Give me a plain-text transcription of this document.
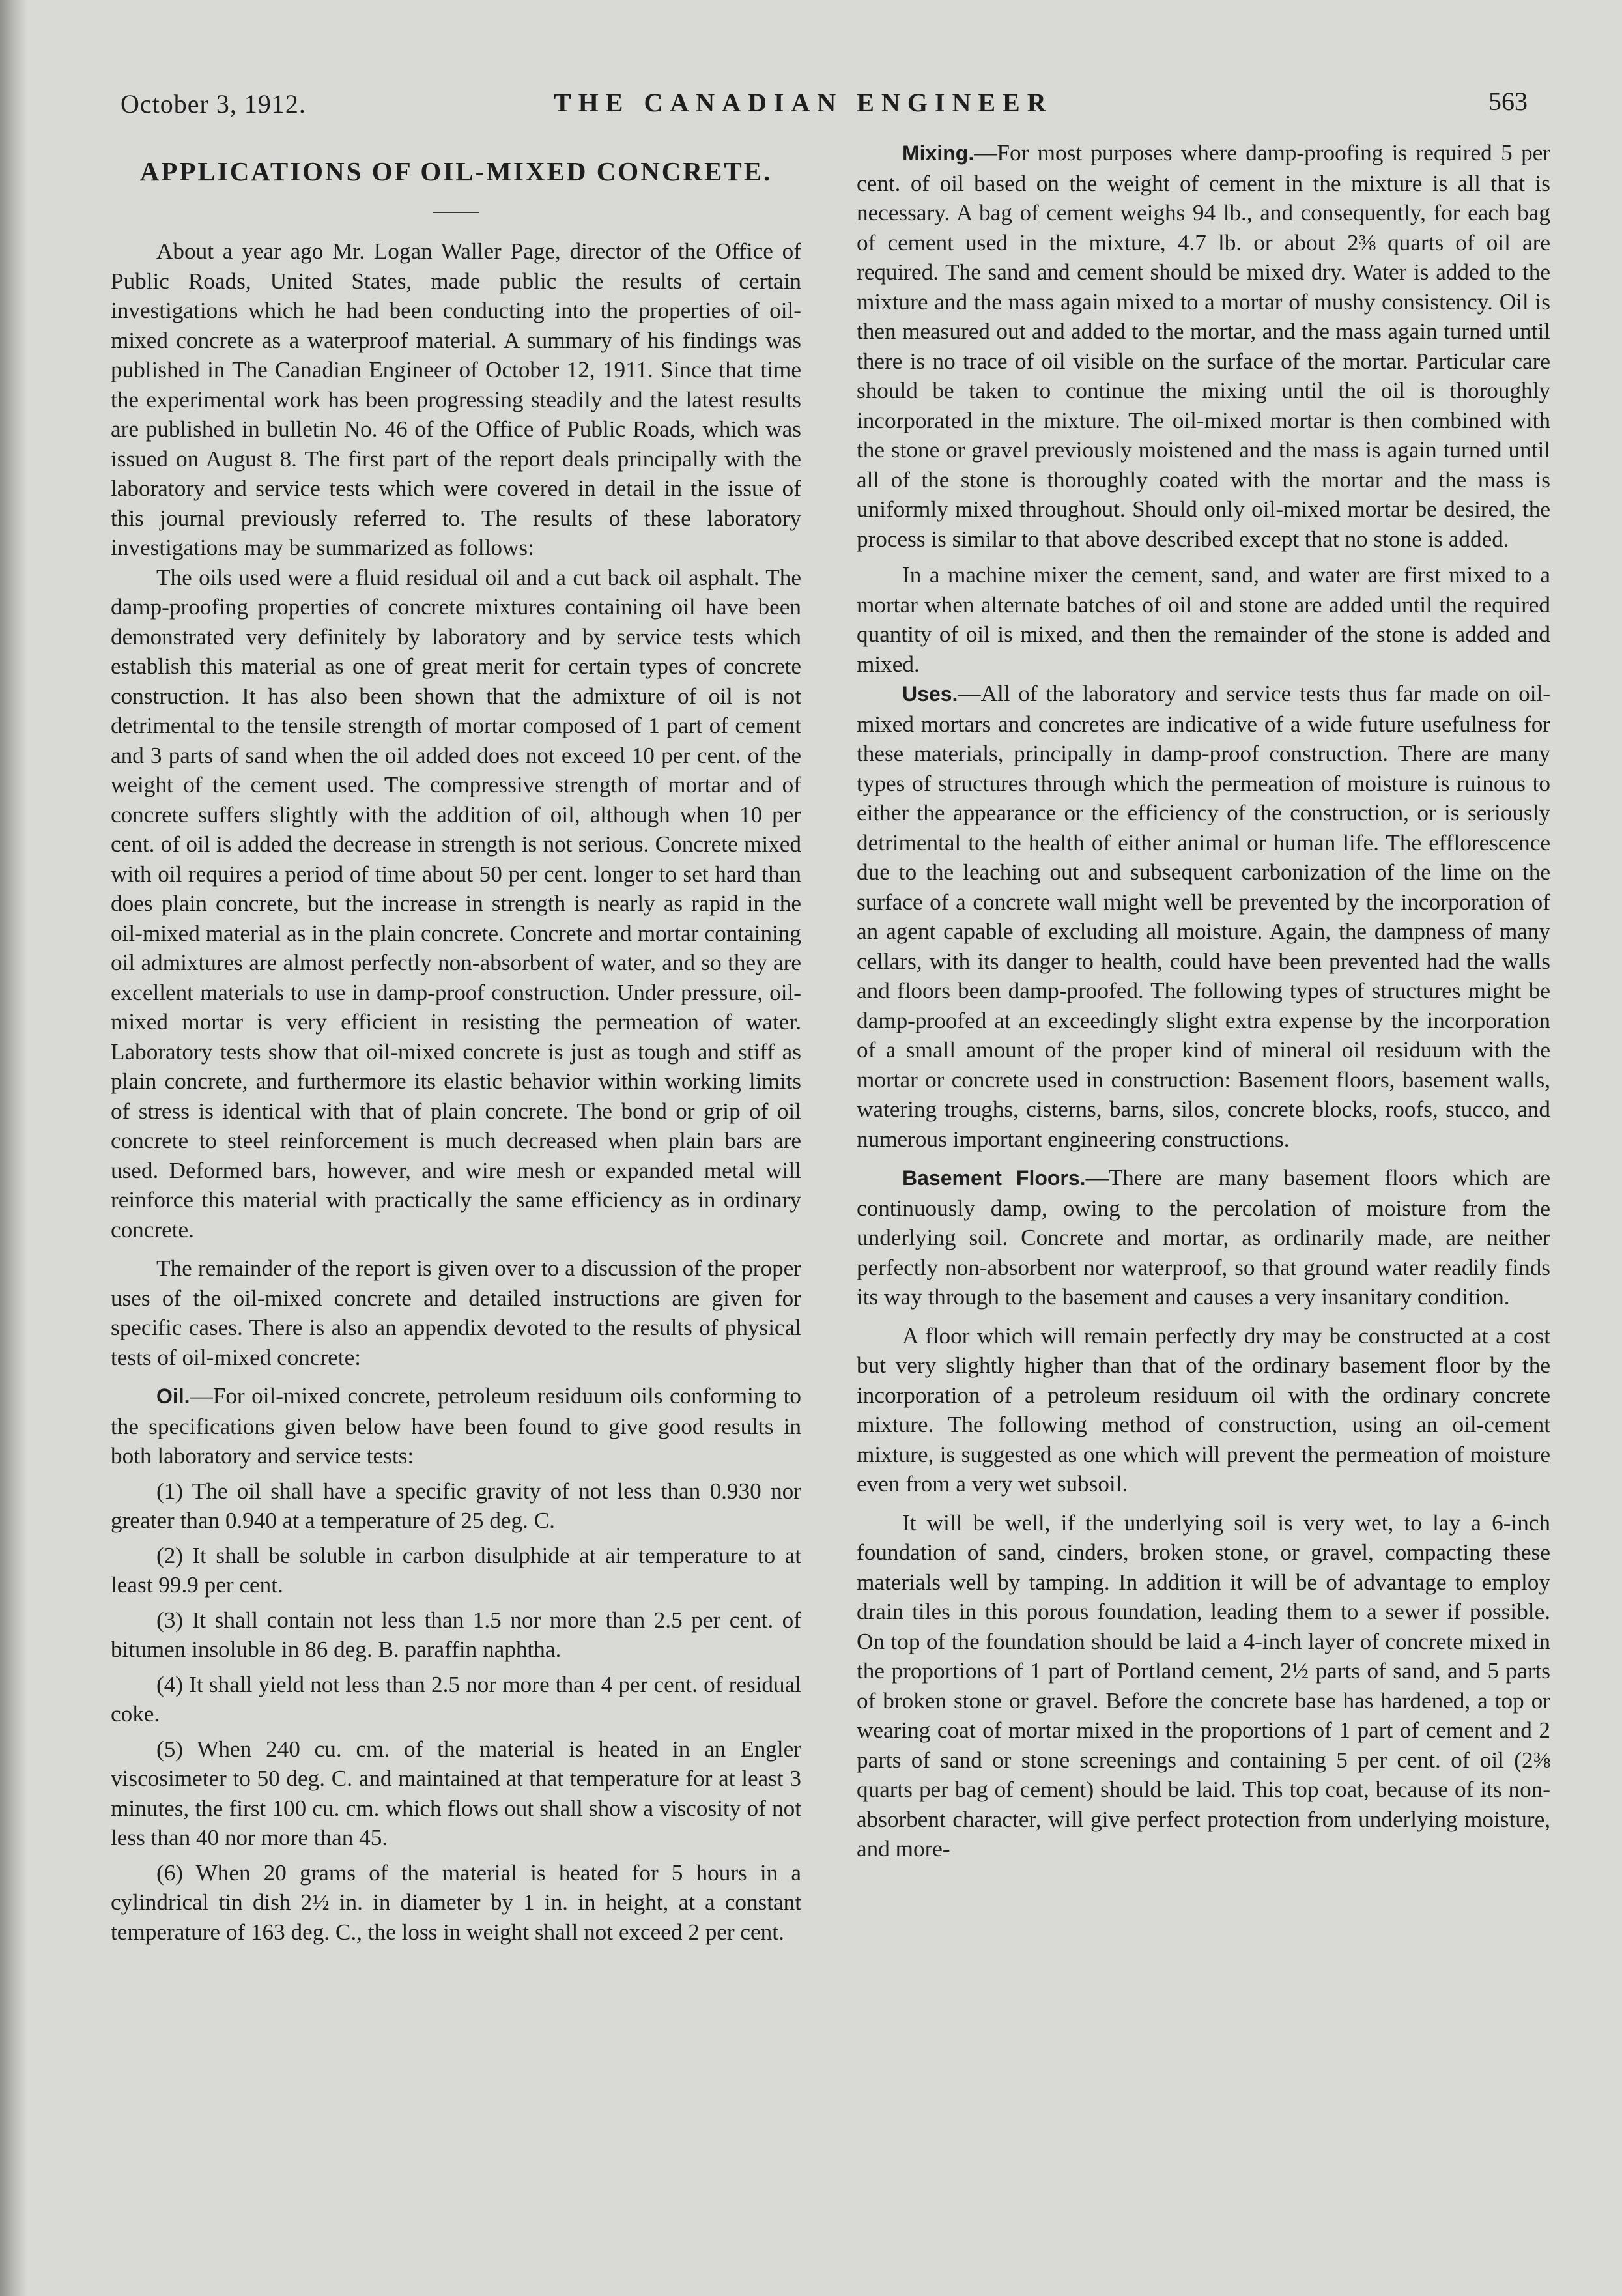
October 3, 1912.	THE CANADIAN ENGINEER	563
APPLICATIONS OF OIL-MIXED CONCRETE.

About a year ago Mr. Logan Waller Page, director of the Office of Public Roads, United States, made public the results of certain investigations which he had been conducting into the properties of oil-mixed concrete as a waterproof material. A summary of his findings was published in The Canadian Engineer of October 12, 1911. Since that time the experimental work has been progressing steadily and the latest results are published in bulletin No. 46 of the Office of Public Roads, which was issued on August 8. The first part of the report deals principally with the laboratory and service tests which were covered in detail in the issue of this journal previously referred to. The results of these laboratory investigations may be summarized as follows:

The oils used were a fluid residual oil and a cut back oil asphalt. The damp-proofing properties of concrete mixtures containing oil have been demonstrated very definitely by laboratory and by service tests which establish this material as one of great merit for certain types of concrete construction. It has also been shown that the admixture of oil is not detrimental to the tensile strength of mortar composed of 1 part of cement and 3 parts of sand when the oil added does not exceed 10 per cent. of the weight of the cement used. The compressive strength of mortar and of concrete suffers slightly with the addition of oil, although when 10 per cent. of oil is added the decrease in strength is not serious. Concrete mixed with oil requires a period of time about 50 per cent. longer to set hard than does plain concrete, but the increase in strength is nearly as rapid in the oil-mixed material as in the plain concrete. Concrete and mortar containing oil admixtures are almost perfectly non-absorbent of water, and so they are excellent materials to use in damp-proof construction. Under pressure, oil-mixed mortar is very efficient in resisting the permeation of water. Laboratory tests show that oil-mixed concrete is just as tough and stiff as plain concrete, and furthermore its elastic behavior within working limits of stress is identical with that of plain concrete. The bond or grip of oil concrete to steel reinforcement is much decreased when plain bars are used. Deformed bars, however, and wire mesh or expanded metal will reinforce this material with practically the same efficiency as in ordinary concrete.

The remainder of the report is given over to a discussion of the proper uses of the oil-mixed concrete and detailed instructions are given for specific cases. There is also an appendix devoted to the results of physical tests of oil-mixed concrete:

Oil.—For oil-mixed concrete, petroleum residuum oils conforming to the specifications given below have been found to give good results in both laboratory and service tests:

(1) The oil shall have a specific gravity of not less than 0.930 nor greater than 0.940 at a temperature of 25 deg. C.

(2) It shall be soluble in carbon disulphide at air temperature to at least 99.9 per cent.

(3) It shall contain not less than 1.5 nor more than 2.5 per cent. of bitumen insoluble in 86 deg. B. paraffin naphtha.

(4) It shall yield not less than 2.5 nor more than 4 per cent. of residual coke.

(5) When 240 cu. cm. of the material is heated in an Engler viscosimeter to 50 deg. C. and maintained at that temperature for at least 3 minutes, the first 100 cu. cm. which flows out shall show a viscosity of not less than 40 nor more than 45.

(6) When 20 grams of the material is heated for 5 hours in a cylindrical tin dish 2½ in. in diameter by 1 in. in height, at a constant temperature of 163 deg. C., the loss in weight shall not exceed 2 per cent.

Mixing.—For most purposes where damp-proofing is required 5 per cent. of oil based on the weight of cement in the mixture is all that is necessary. A bag of cement weighs 94 lb., and consequently, for each bag of cement used in the mixture, 4.7 lb. or about 2⅜ quarts of oil are required. The sand and cement should be mixed dry. Water is added to the mixture and the mass again mixed to a mortar of mushy consistency. Oil is then measured out and added to the mortar, and the mass again turned until there is no trace of oil visible on the surface of the mortar. Particular care should be taken to continue the mixing until the oil is thoroughly incorporated in the mixture. The oil-mixed mortar is then combined with the stone or gravel previously moistened and the mass is again turned until all of the stone is thoroughly coated with the mortar and the mass is uniformly mixed throughout. Should only oil-mixed mortar be desired, the process is similar to that above described except that no stone is added.

In a machine mixer the cement, sand, and water are first mixed to a mortar when alternate batches of oil and stone are added until the required quantity of oil is mixed, and then the remainder of the stone is added and mixed.

Uses.—All of the laboratory and service tests thus far made on oil-mixed mortars and concretes are indicative of a wide future usefulness for these materials, principally in damp-proof construction. There are many types of structures through which the permeation of moisture is ruinous to either the appearance or the efficiency of the construction, or is seriously detrimental to the health of either animal or human life. The efflorescence due to the leaching out and subsequent carbonization of the lime on the surface of a concrete wall might well be prevented by the incorporation of an agent capable of excluding all moisture. Again, the dampness of many cellars, with its danger to health, could have been prevented had the walls and floors been damp-proofed. The following types of structures might be damp-proofed at an exceedingly slight extra expense by the incorporation of a small amount of the proper kind of mineral oil residuum with the mortar or concrete used in construction: Basement floors, basement walls, watering troughs, cisterns, barns, silos, concrete blocks, roofs, stucco, and numerous important engineering constructions.

Basement Floors.—There are many basement floors which are continuously damp, owing to the percolation of moisture from the underlying soil. Concrete and mortar, as ordinarily made, are neither perfectly non-absorbent nor waterproof, so that ground water readily finds its way through to the basement and causes a very insanitary condition.

A floor which will remain perfectly dry may be constructed at a cost but very slightly higher than that of the ordinary basement floor by the incorporation of a petroleum residuum oil with the ordinary concrete mixture. The following method of construction, using an oil-cement mixture, is suggested as one which will prevent the permeation of moisture even from a very wet subsoil.

It will be well, if the underlying soil is very wet, to lay a 6-inch foundation of sand, cinders, broken stone, or gravel, compacting these materials well by tamping. In addition it will be of advantage to employ drain tiles in this porous foundation, leading them to a sewer if possible. On top of the foundation should be laid a 4-inch layer of concrete mixed in the proportions of 1 part of Portland cement, 2½ parts of sand, and 5 parts of broken stone or gravel. Before the concrete base has hardened, a top or wearing coat of mortar mixed in the proportions of 1 part of cement and 2 parts of sand or stone screenings and containing 5 per cent. of oil (2⅜ quarts per bag of cement) should be laid. This top coat, because of its non-absorbent character, will give perfect protection from underlying moisture, and more-
